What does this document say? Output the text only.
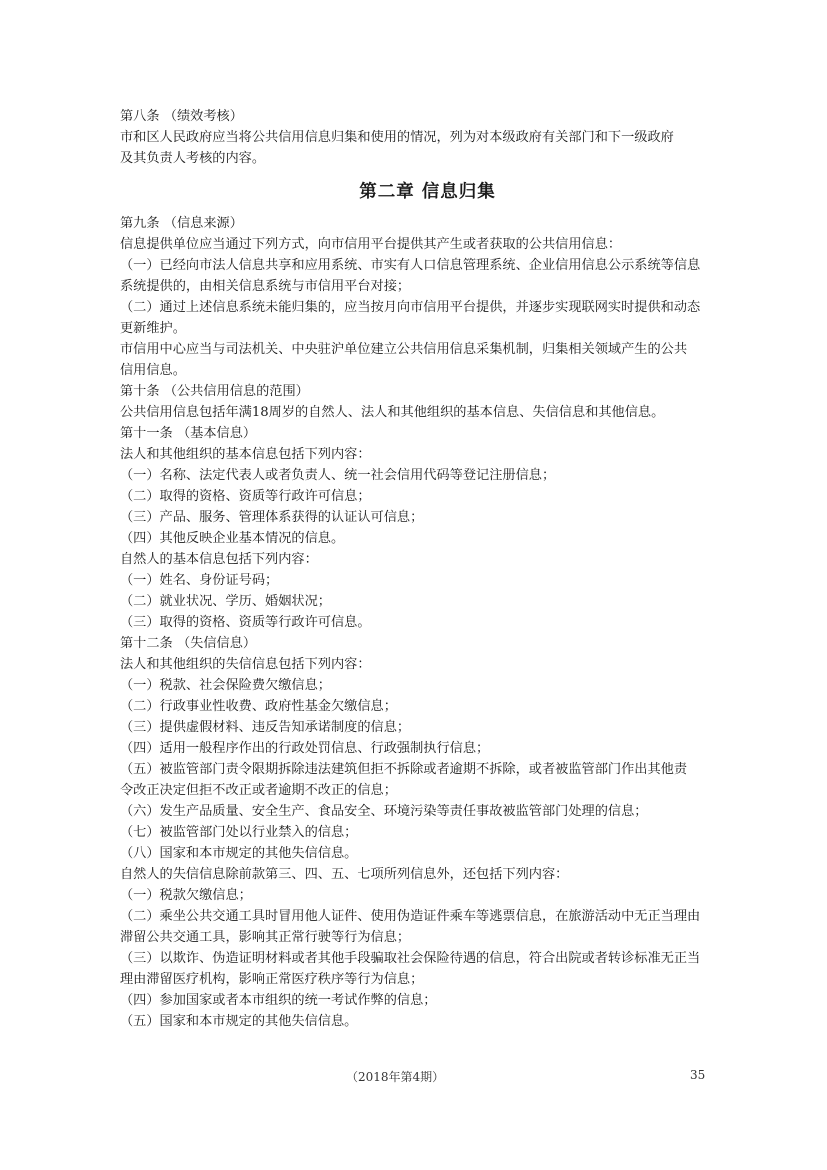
第八条 （绩效考核）

市和区人民政府应当将公共信用信息归集和使用的情况，列为对本级政府有关部门和下一级政府

及其负责人考核的内容。

第二章 信息归集

第九条 （信息来源）

信息提供单位应当通过下列方式，向市信用平台提供其产生或者获取的公共信用信息：

（一）已经向市法人信息共享和应用系统、市实有人口信息管理系统、企业信用信息公示系统等信息

系统提供的，由相关信息系统与市信用平台对接；

（二）通过上述信息系统未能归集的，应当按月向市信用平台提供，并逐步实现联网实时提供和动态

更新维护。

市信用中心应当与司法机关、中央驻沪单位建立公共信用信息采集机制，归集相关领域产生的公共

信用信息。

第十条 （公共信用信息的范围）

公共信用信息包括年满18周岁的自然人、法人和其他组织的基本信息、失信信息和其他信息。

第十一条 （基本信息）

法人和其他组织的基本信息包括下列内容：

（一）名称、法定代表人或者负责人、统一社会信用代码等登记注册信息；

（二）取得的资格、资质等行政许可信息；

（三）产品、服务、管理体系获得的认证认可信息；

（四）其他反映企业基本情况的信息。

自然人的基本信息包括下列内容：

（一）姓名、身份证号码；

（二）就业状况、学历、婚姻状况；

（三）取得的资格、资质等行政许可信息。

第十二条 （失信信息）

法人和其他组织的失信信息包括下列内容：

（一）税款、社会保险费欠缴信息；

（二）行政事业性收费、政府性基金欠缴信息；

（三）提供虚假材料、违反告知承诺制度的信息；

（四）适用一般程序作出的行政处罚信息、行政强制执行信息；

（五）被监管部门责令限期拆除违法建筑但拒不拆除或者逾期不拆除，或者被监管部门作出其他责

令改正决定但拒不改正或者逾期不改正的信息；

（六）发生产品质量、安全生产、食品安全、环境污染等责任事故被监管部门处理的信息；

（七）被监管部门处以行业禁入的信息；

（八）国家和本市规定的其他失信信息。

自然人的失信信息除前款第三、四、五、七项所列信息外，还包括下列内容：

（一）税款欠缴信息；

（二）乘坐公共交通工具时冒用他人证件、使用伪造证件乘车等逃票信息，在旅游活动中无正当理由

滞留公共交通工具，影响其正常行驶等行为信息；

（三）以欺诈、伪造证明材料或者其他手段骗取社会保险待遇的信息，符合出院或者转诊标准无正当

理由滞留医疗机构，影响正常医疗秩序等行为信息；

（四）参加国家或者本市组织的统一考试作弊的信息；

（五）国家和本市规定的其他失信信息。

（2018年第4期）	35
